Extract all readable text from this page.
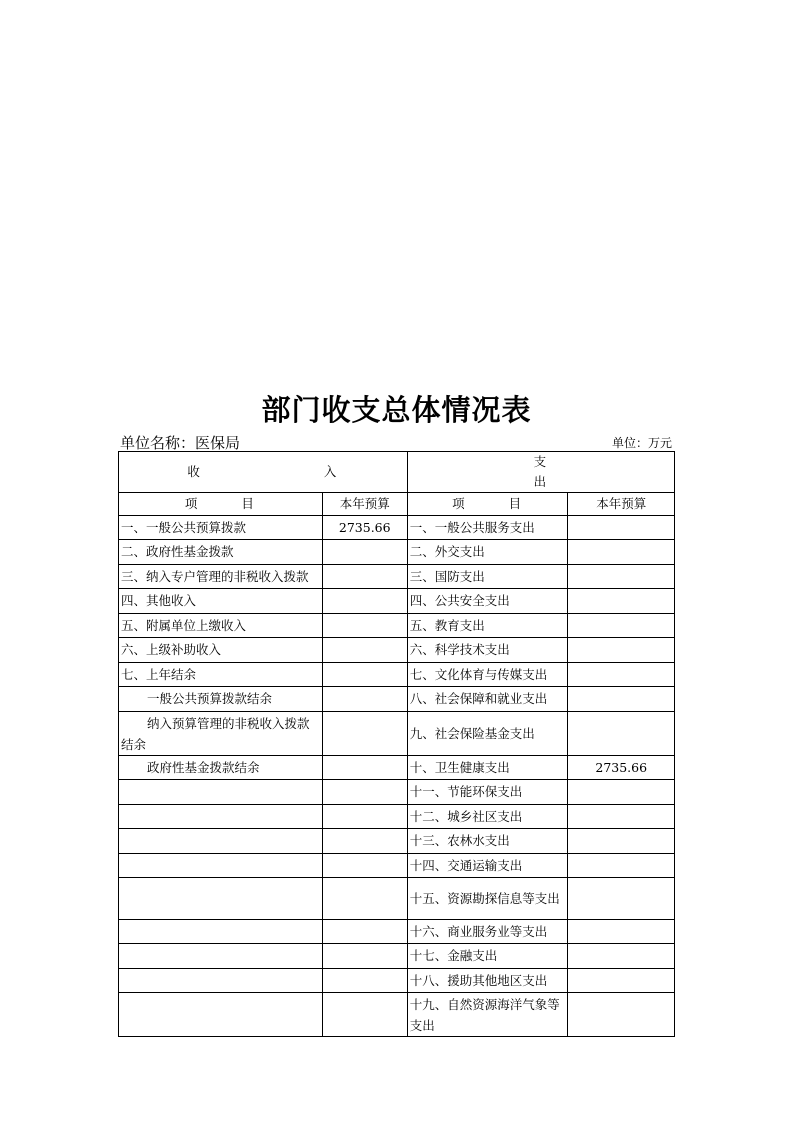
部门收支总体情况表
单位名称：医保局	单位：万元
收 入		支 出	
项 目	本年预算	项 目	本年预算
一、一般公共预算拨款	2735.66	一、一般公共服务支出	
二、政府性基金拨款		二、外交支出	
三、纳入专户管理的非税收入拨款		三、国防支出	
四、其他收入		四、公共安全支出	
五、附属单位上缴收入		五、教育支出	
六、上级补助收入		六、科学技术支出	
七、上年结余		七、文化体育与传媒支出	
一般公共预算拨款结余		八、社会保障和就业支出	

纳入预算管理的非税收入拨款结余		九、社会保险基金支出	
政府性基金拨款结余		十、卫生健康支出	2735.66
		十一、节能环保支出	
		十二、城乡社区支出	
		十三、农林水支出	
		十四、交通运输支出	
		十五、资源勘探信息等支出	
		十六、商业服务业等支出	
		十七、金融支出	
		十八、援助其他地区支出	
		十九、自然资源海洋气象等支出	
